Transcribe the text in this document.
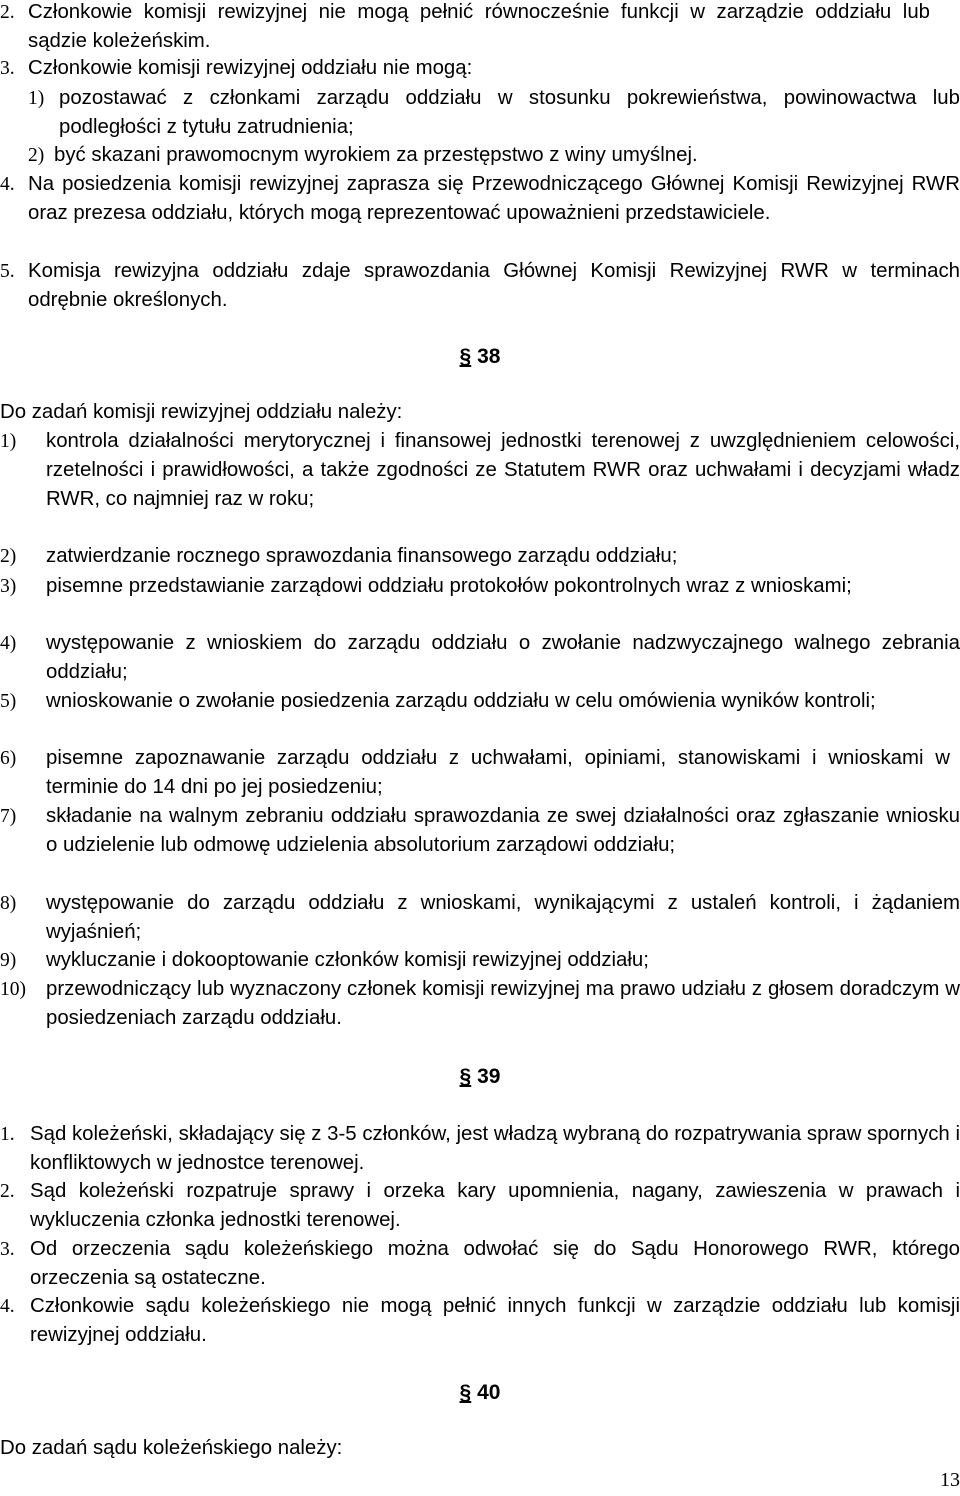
2. Członkowie komisji rewizyjnej nie mogą pełnić równocześnie funkcji w zarządzie oddziału lub sądzie koleżeńskim.
3. Członkowie komisji rewizyjnej oddziału nie mogą:
1) pozostawać z członkami zarządu oddziału w stosunku pokrewieństwa, powinowactwa lub podległości z tytułu zatrudnienia;
2) być skazani prawomocnym wyrokiem za przestępstwo z winy umyślnej.
4. Na posiedzenia komisji rewizyjnej zaprasza się Przewodniczącego Głównej Komisji Rewizyjnej RWR oraz prezesa oddziału, których mogą reprezentować upoważnieni przedstawiciele.
5. Komisja rewizyjna oddziału zdaje sprawozdania Głównej Komisji Rewizyjnej RWR w terminach odrębnie określonych.
§ 38
Do zadań komisji rewizyjnej oddziału należy:
1)	kontrola działalności merytorycznej i finansowej jednostki terenowej z uwzględnieniem celowości, rzetelności i prawidłowości, a także zgodności ze Statutem RWR oraz uchwałami i decyzjami władz RWR, co najmniej raz w roku;
2)	zatwierdzanie rocznego sprawozdania finansowego zarządu oddziału;
3)	pisemne przedstawianie zarządowi oddziału protokołów pokontrolnych wraz z wnioskami;
4)	występowanie z wnioskiem do zarządu oddziału o zwołanie nadzwyczajnego walnego zebrania oddziału;
5)	wnioskowanie o zwołanie posiedzenia zarządu oddziału w celu omówienia wyników kontroli;
6)	pisemne zapoznawanie zarządu oddziału z uchwałami, opiniami, stanowiskami i wnioskami w terminie do 14 dni po jej posiedzeniu;
7)	składanie na walnym zebraniu oddziału sprawozdania ze swej działalności oraz zgłaszanie wniosku o udzielenie lub odmowę udzielenia absolutorium zarządowi oddziału;
8)	występowanie do zarządu oddziału z wnioskami, wynikającymi z ustaleń kontroli, i żądaniem wyjaśnień;
9)	wykluczanie i dokooptowanie członków komisji rewizyjnej oddziału;
10) przewodniczący lub wyznaczony członek komisji rewizyjnej ma prawo udziału z głosem doradczym w posiedzeniach zarządu oddziału.
§ 39
1. Sąd koleżeński, składający się z 3-5 członków, jest władzą wybraną do rozpatrywania spraw spornych i konfliktowych w jednostce terenowej.
2. Sąd koleżeński rozpatruje sprawy i orzeka kary upomnienia, nagany, zawieszenia w prawach i wykluczenia członka jednostki terenowej.
3. Od orzeczenia sądu koleżeńskiego można odwołać się do Sądu Honorowego RWR, którego orzeczenia są ostateczne.
4. Członkowie sądu koleżeńskiego nie mogą pełnić innych funkcji w zarządzie oddziału lub komisji rewizyjnej oddziału.
§ 40
Do zadań sądu koleżeńskiego należy:
13
